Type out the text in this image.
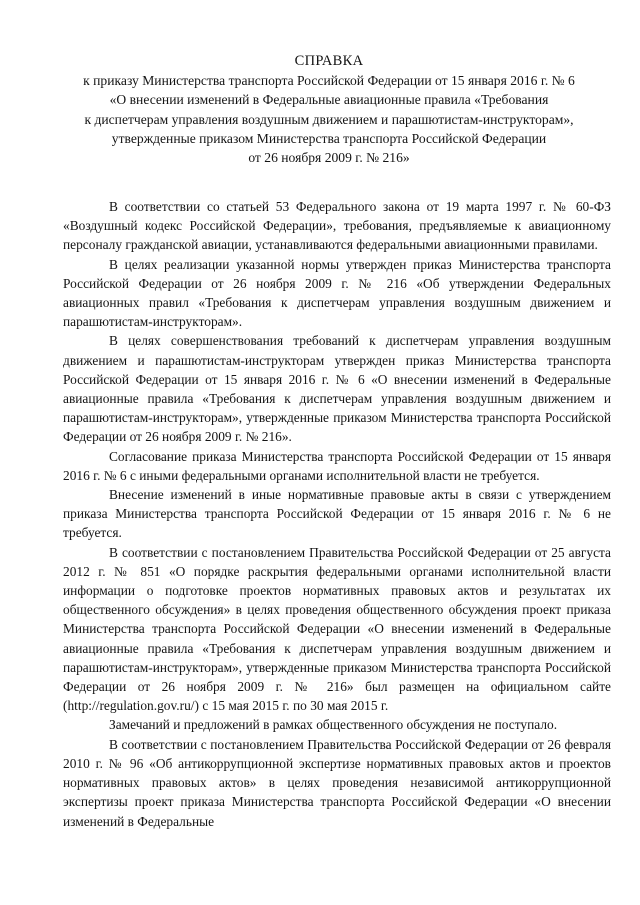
СПРАВКА
к приказу Министерства транспорта Российской Федерации от 15 января 2016 г. № 6
«О внесении изменений в Федеральные авиационные правила «Требования
к диспетчерам управления воздушным движением и парашютистам-инструкторам»,
утвержденные приказом Министерства транспорта Российской Федерации
от 26 ноября 2009 г. № 216»

В соответствии со статьей 53 Федерального закона от 19 марта 1997 г. № 60-ФЗ «Воздушный кодекс Российской Федерации», требования, предъявляемые к авиационному персоналу гражданской авиации, устанавливаются федеральными авиационными правилами.

В целях реализации указанной нормы утвержден приказ Министерства транспорта Российской Федерации от 26 ноября 2009 г. № 216 «Об утверждении Федеральных авиационных правил «Требования к диспетчерам управления воздушным движением и парашютистам-инструкторам».

В целях совершенствования требований к диспетчерам управления воздушным движением и парашютистам-инструкторам утвержден приказ Министерства транспорта Российской Федерации от 15 января 2016 г. № 6 «О внесении изменений в Федеральные авиационные правила «Требования к диспетчерам управления воздушным движением и парашютистам-инструкторам», утвержденные приказом Министерства транспорта Российской Федерации от 26 ноября 2009 г. № 216».

Согласование приказа Министерства транспорта Российской Федерации от 15 января 2016 г. № 6 с иными федеральными органами исполнительной власти не требуется.

Внесение изменений в иные нормативные правовые акты в связи с утверждением приказа Министерства транспорта Российской Федерации от 15 января 2016 г. № 6 не требуется.

В соответствии с постановлением Правительства Российской Федерации от 25 августа 2012 г. № 851 «О порядке раскрытия федеральными органами исполнительной власти информации о подготовке проектов нормативных правовых актов и результатах их общественного обсуждения» в целях проведения общественного обсуждения проект приказа Министерства транспорта Российской Федерации «О внесении изменений в Федеральные авиационные правила «Требования к диспетчерам управления воздушным движением и парашютистам-инструкторам», утвержденные приказом Министерства транспорта Российской Федерации от 26 ноября 2009 г. № 216» был размещен на официальном сайте (http://regulation.gov.ru/) с 15 мая 2015 г. по 30 мая 2015 г.

Замечаний и предложений в рамках общественного обсуждения не поступало.

В соответствии с постановлением Правительства Российской Федерации от 26 февраля 2010 г. № 96 «Об антикоррупционной экспертизе нормативных правовых актов и проектов нормативных правовых актов» в целях проведения независимой антикоррупционной экспертизы проект приказа Министерства транспорта Российской Федерации «О внесении изменений в Федеральные
